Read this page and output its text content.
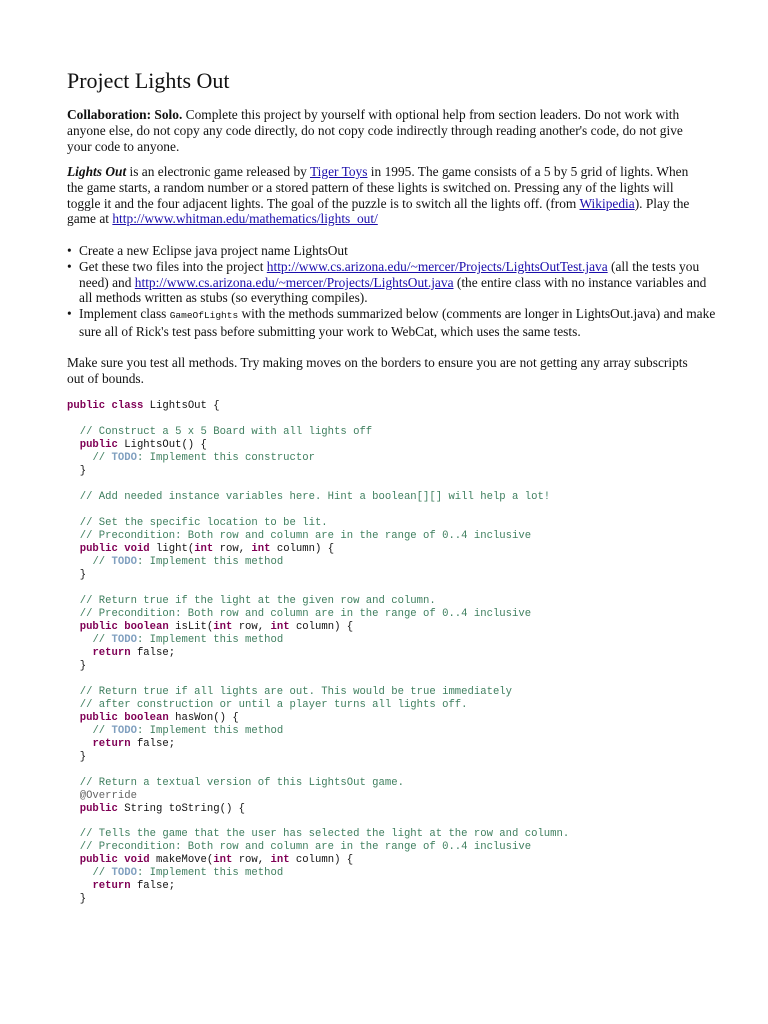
Project Lights Out

Collaboration: Solo. Complete this project by yourself with optional help from section leaders. Do not work with anyone else, do not copy any code directly, do not copy code indirectly through reading another's code, do not give your code to anyone.

Lights Out is an electronic game released by Tiger Toys in 1995. The game consists of a 5 by 5 grid of lights. When the game starts, a random number or a stored pattern of these lights is switched on. Pressing any of the lights will toggle it and the four adjacent lights. The goal of the puzzle is to switch all the lights off. (from Wikipedia). Play the game at http://www.whitman.edu/mathematics/lights_out/

• Create a new Eclipse java project name LightsOut
• Get these two files into the project http://www.cs.arizona.edu/~mercer/Projects/LightsOutTest.java (all the tests you need) and http://www.cs.arizona.edu/~mercer/Projects/LightsOut.java (the entire class with no instance variables and all methods written as stubs (so everything compiles).
• Implement class GameOfLights with the methods summarized below (comments are longer in LightsOut.java) and make sure all of Rick's test pass before submitting your work to WebCat, which uses the same tests.

Make sure you test all methods. Try making moves on the borders to ensure you are not getting any array subscripts out of bounds.

public class LightsOut {

// Construct a 5 x 5 Board with all lights off
public LightsOut() {
// TODO: Implement this constructor
}

// Add needed instance variables here. Hint a boolean[][] will help a lot!

// Set the specific location to be lit.
// Precondition: Both row and column are in the range of 0..4 inclusive
public void light(int row, int column) {
// TODO: Implement this method
}

// Return true if the light at the given row and column.
// Precondition: Both row and column are in the range of 0..4 inclusive
public boolean isLit(int row, int column) {
// TODO: Implement this method
return false;
}

// Return true if all lights are out. This would be true immediately
// after construction or until a player turns all lights off.
public boolean hasWon() {
// TODO: Implement this method
return false;
}

// Return a textual version of this LightsOut game.
@Override
public String toString() {

// Tells the game that the user has selected the light at the row and column.
// Precondition: Both row and column are in the range of 0..4 inclusive
public void makeMove(int row, int column) {
// TODO: Implement this method
return false;
}
